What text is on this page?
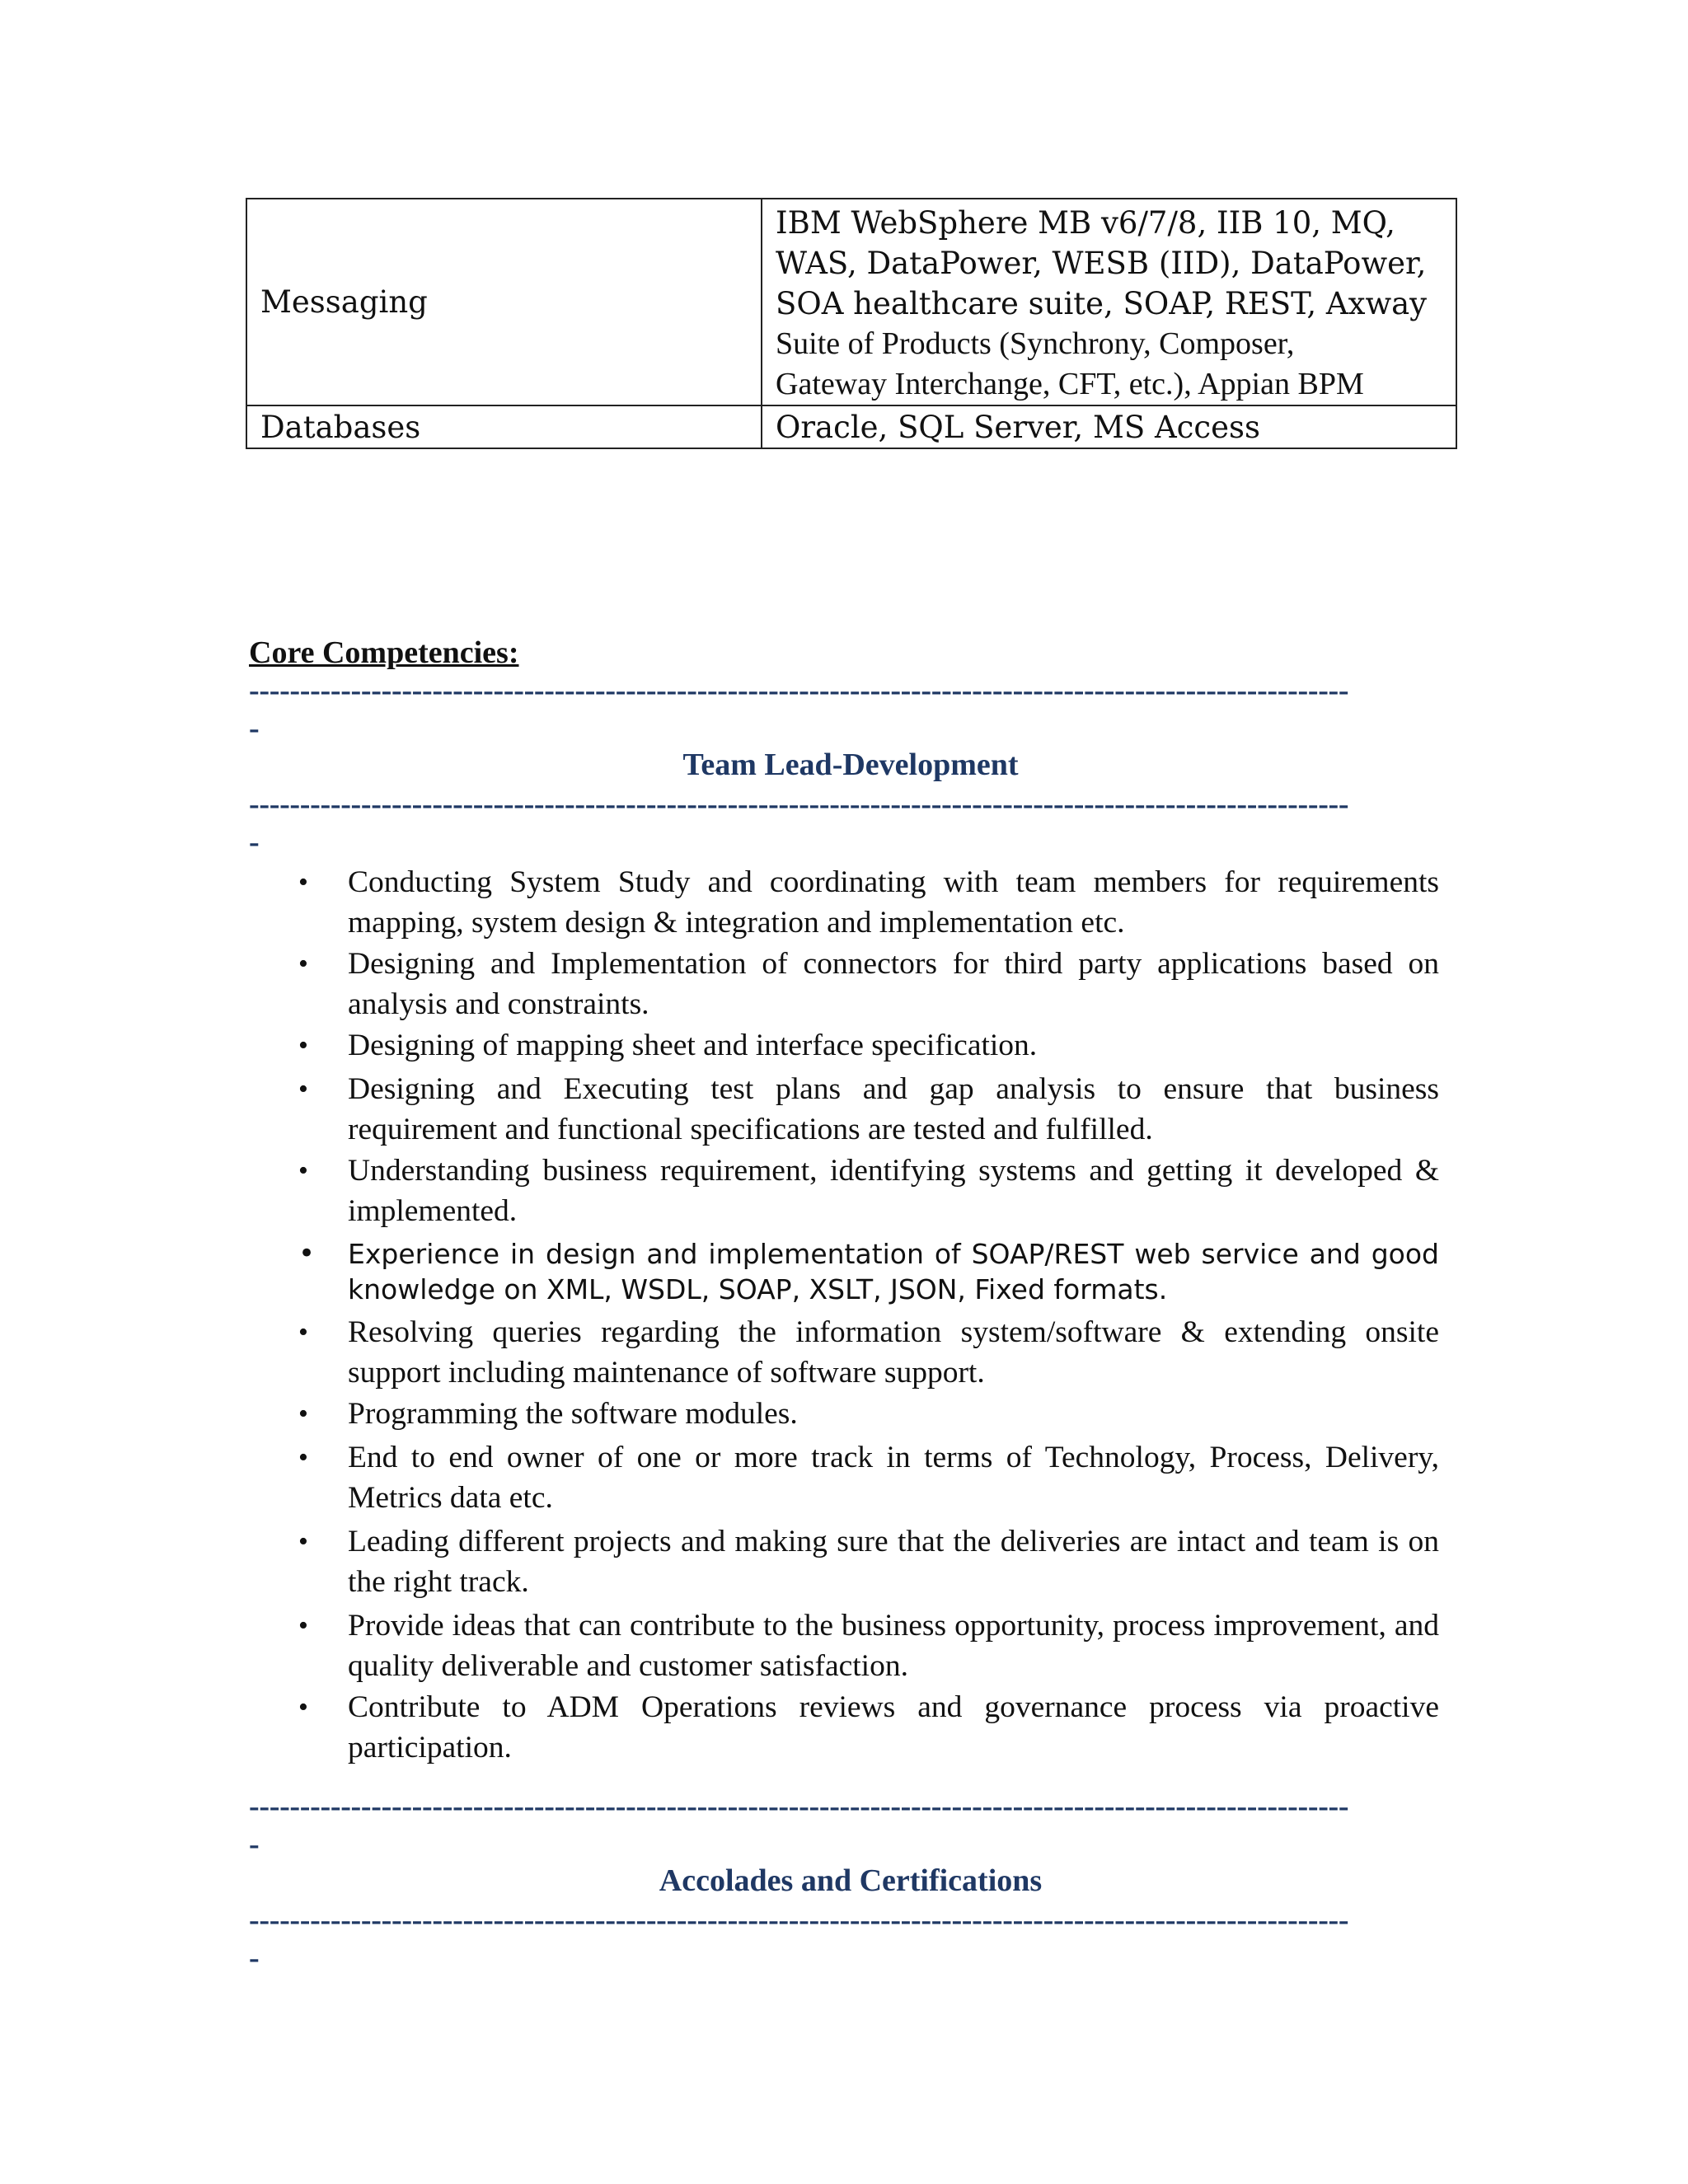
Messaging	IBM WebSphere MB v6/7/8, IIB 10, MQ,
WAS, DataPower, WESB (IID), DataPower,
SOA healthcare suite, SOAP, REST, Axway
Suite of Products (Synchrony, Composer,
Gateway Interchange, CFT, etc.), Appian BPM

Databases	Oracle, SQL Server, MS Access
Core Competencies:
------------------------------------------------------------------------------------------------------------
-
Team Lead-Development
------------------------------------------------------------------------------------------------------------
-
• Conducting System Study and coordinating with team members for requirements mapping, system design & integration and implementation etc.
• Designing and Implementation of connectors for third party applications based on analysis and constraints.
• Designing of mapping sheet and interface specification.
• Designing and Executing test plans and gap analysis to ensure that business requirement and functional specifications are tested and fulfilled.
• Understanding business requirement, identifying systems and getting it developed & implemented.
• Experience in design and implementation of SOAP/REST web service and good knowledge on XML, WSDL, SOAP, XSLT, JSON, Fixed formats.
• Resolving queries regarding the information system/software & extending onsite support including maintenance of software support.
• Programming the software modules.
• End to end owner of one or more track in terms of Technology, Process, Delivery, Metrics data etc.
• Leading different projects and making sure that the deliveries are intact and team is on the right track.
• Provide ideas that can contribute to the business opportunity, process improvement, and quality deliverable and customer satisfaction.
• Contribute to ADM Operations reviews and governance process via proactive participation.
------------------------------------------------------------------------------------------------------------
-
Accolades and Certifications
------------------------------------------------------------------------------------------------------------
-
